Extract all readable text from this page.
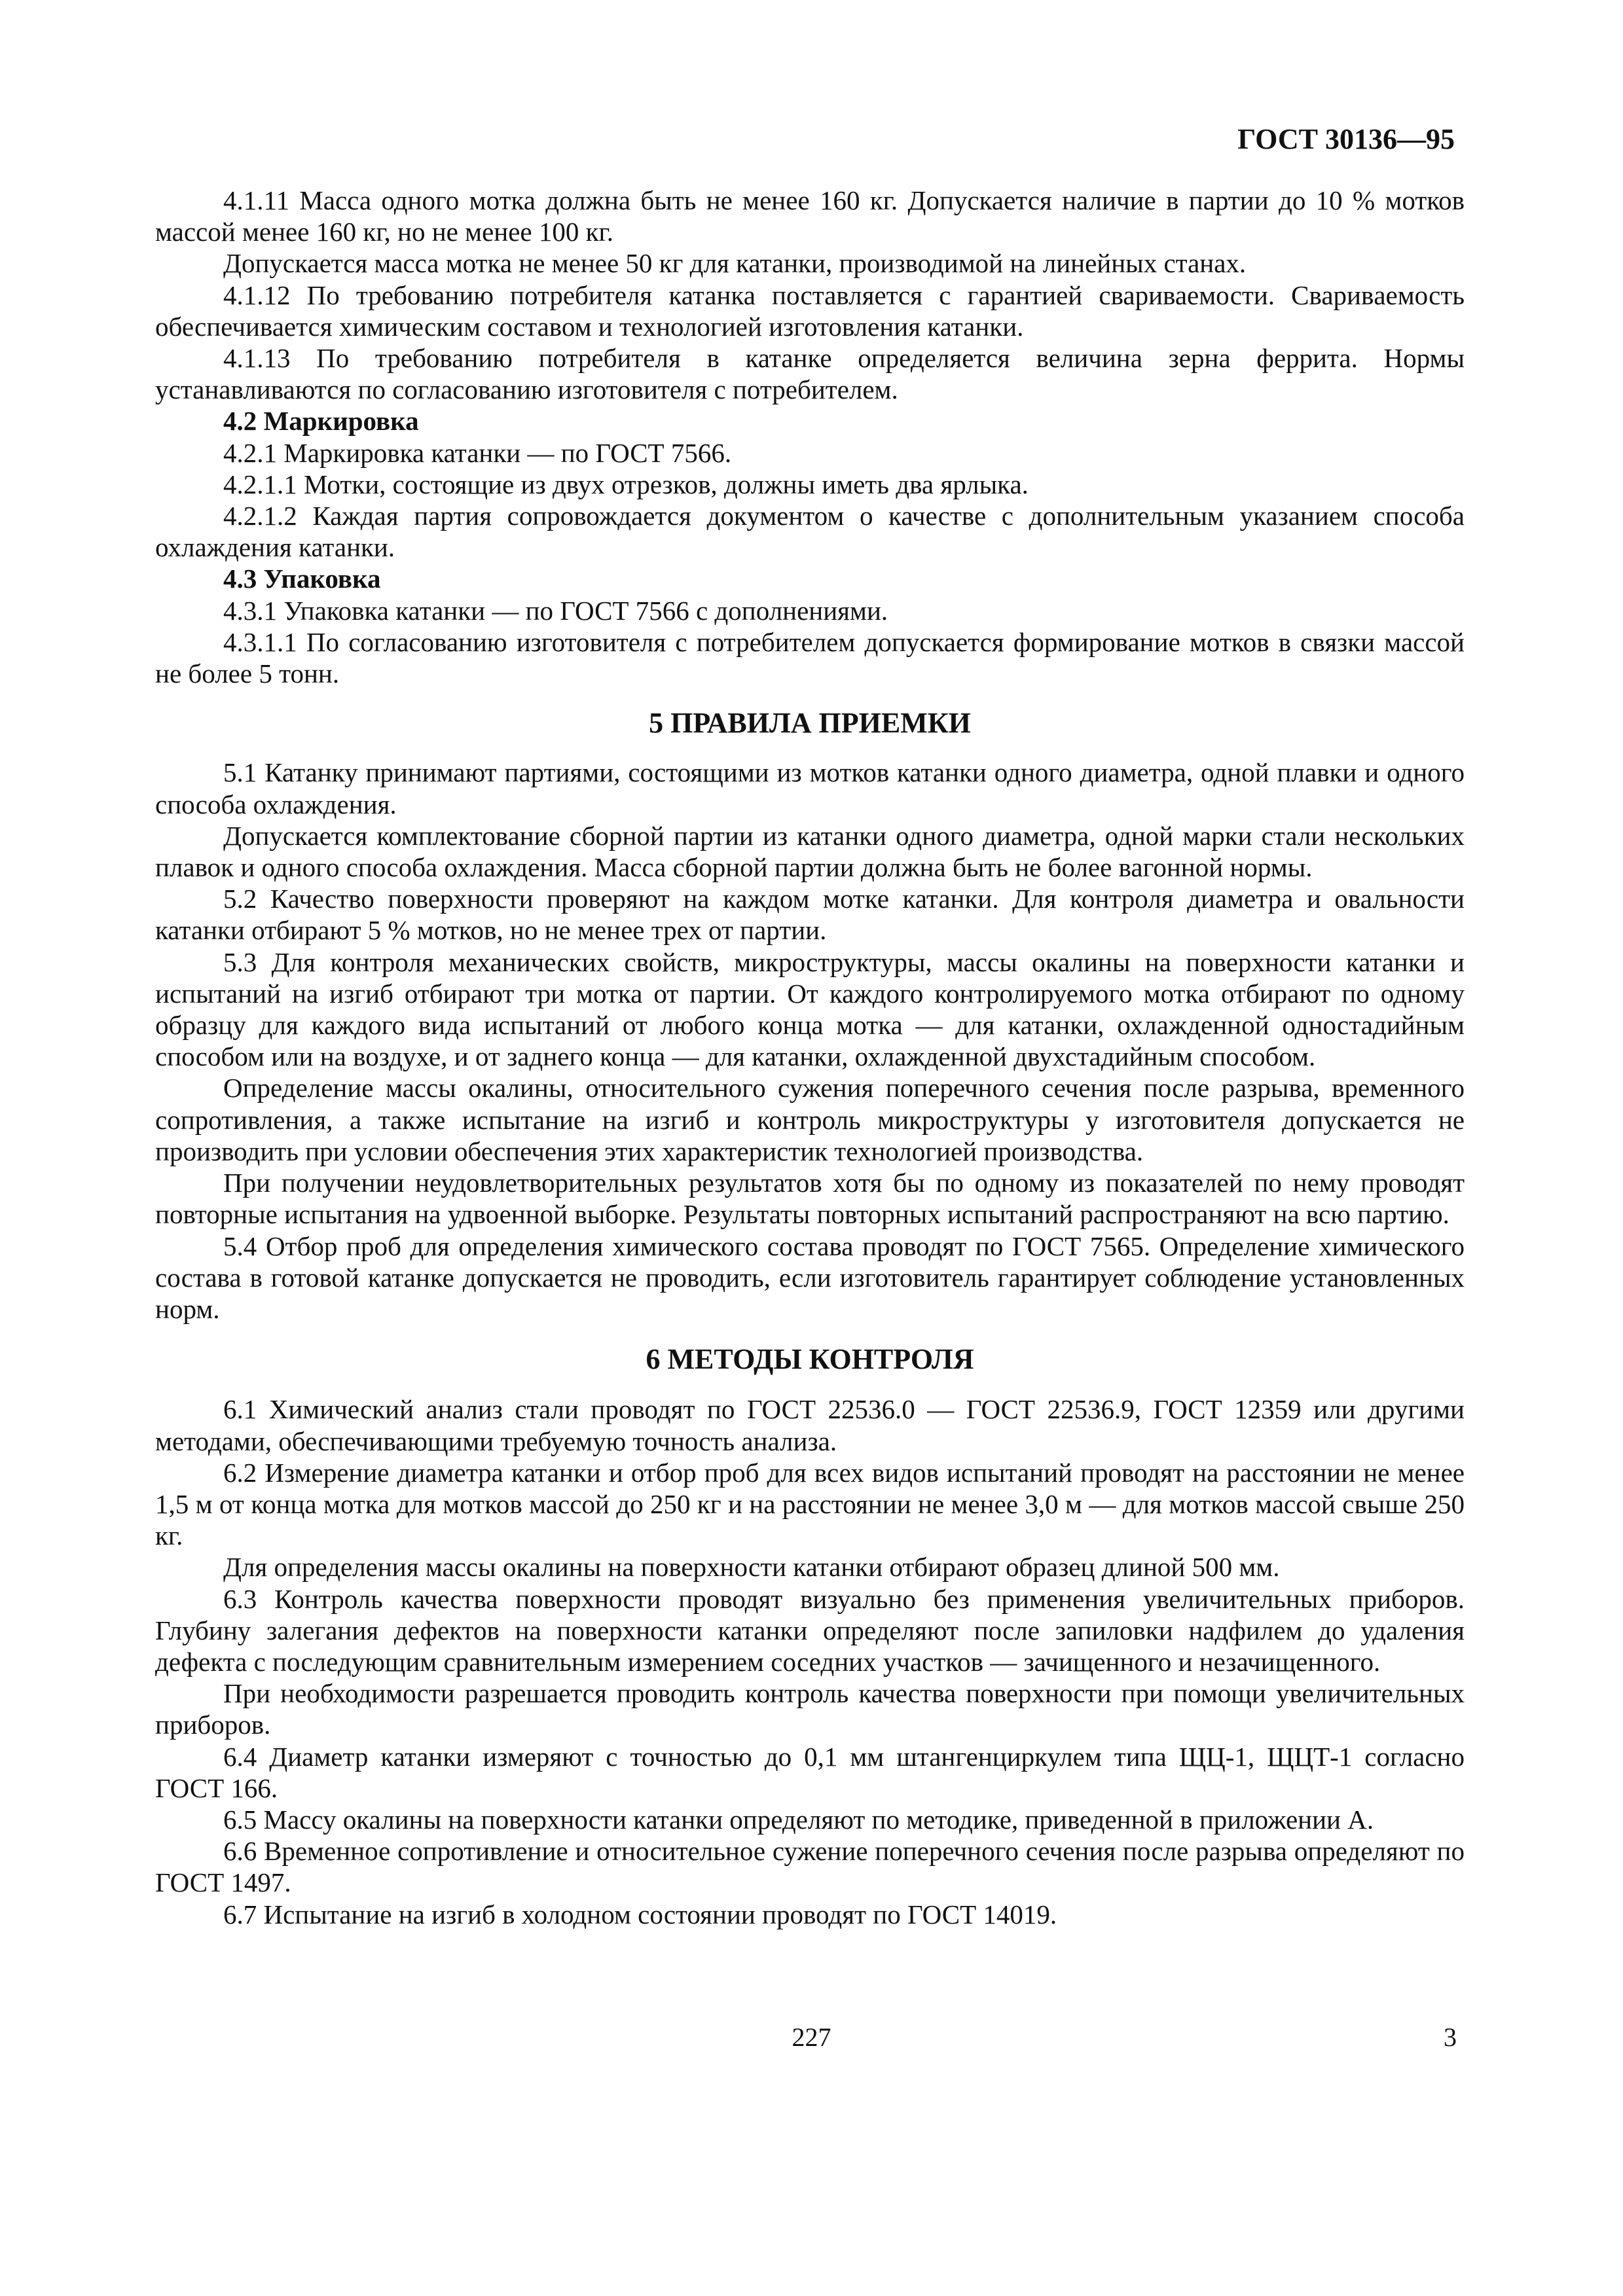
ГОСТ 30136—95

4.1.11 Масса одного мотка должна быть не менее 160 кг. Допускается наличие в партии до 10 % мотков массой менее 160 кг, но не менее 100 кг.

Допускается масса мотка не менее 50 кг для катанки, производимой на линейных станах.

4.1.12 По требованию потребителя катанка поставляется с гарантией свариваемости. Сваривaемость обеспечивается химическим составом и технологией изготовления катанки.

4.1.13 По требованию потребителя в катанке определяется величина зерна феррита. Нормы устанавливаются по согласованию изготовителя с потребителем.

4.2 Маркировка

4.2.1 Маркировка катанки — по ГОСТ 7566.

4.2.1.1 Мотки, состоящие из двух отрезков, должны иметь два ярлыка.

4.2.1.2 Каждая партия сопровождается документом о качестве с дополнительным указанием способа охлаждения катанки.

4.3 Упаковка

4.3.1 Упаковка катанки — по ГОСТ 7566 с дополнениями.

4.3.1.1 По согласованию изготовителя с потребителем допускается формирование мотков в связки массой не более 5 тонн.

5 ПРАВИЛА ПРИЕМКИ

5.1 Катанку принимают партиями, состоящими из мотков катанки одного диаметра, одной плавки и одного способа охлаждения.

Допускается комплектование сборной партии из катанки одного диаметра, одной марки стали нескольких плавок и одного способа охлаждения. Масса сборной партии должна быть не более вагонной нормы.

5.2 Качество поверхности проверяют на каждом мотке катанки. Для контроля диаметра и овальности катанки отбирают 5 % мотков, но не менее трех от партии.

5.3 Для контроля механических свойств, микроструктуры, массы окалины на поверхности катанки и испытаний на изгиб отбирают три мотка от партии. От каждого контролируемого мотка отбирают по одному образцу для каждого вида испытаний от любого конца мотка — для катанки, охлажденной одностадийным способом или на воздухе, и от заднего конца — для катанки, охлажденной двухстадийным способом.

Определение массы окалины, относительного сужения поперечного сечения после разрыва, временного сопротивления, а также испытание на изгиб и контроль микроструктуры у изготовителя допускается не производить при условии обеспечения этих характеристик технологией производства.

При получении неудовлетворительных результатов хотя бы по одному из показателей по нему проводят повторные испытания на удвоенной выборке. Результаты повторных испытаний распространяют на всю партию.

5.4 Отбор проб для определения химического состава проводят по ГОСТ 7565. Определение химического состава в готовой катанке допускается не проводить, если изготовитель гарантирует соблюдение установленных норм.

6 МЕТОДЫ КОНТРОЛЯ

6.1 Химический анализ стали проводят по ГОСТ 22536.0 — ГОСТ 22536.9, ГОСТ 12359 или другими методами, обеспечивающими требуемую точность анализа.

6.2 Измерение диаметра катанки и отбор проб для всех видов испытаний проводят на расстоянии не менее 1,5 м от конца мотка для мотков массой до 250 кг и на расстоянии не менее 3,0 м — для мотков массой свыше 250 кг.

Для определения массы окалины на поверхности катанки отбирают образец длиной 500 мм.

6.3 Контроль качества поверхности проводят визуально без применения увеличительных приборов. Глубину залегания дефектов на поверхности катанки определяют после запиловки надфилем до удаления дефекта с последующим сравнительным измерением соседних участков — зачищенного и незачищенного.

При необходимости разрешается проводить контроль качества поверхности при помощи увеличительных приборов.

6.4 Диаметр катанки измеряют с точностью до 0,1 мм штангенциркулем типа ЩЦ-1, ЩЦТ-1 согласно ГОСТ 166.

6.5 Массу окалины на поверхности катанки определяют по методике, приведенной в приложении А.

6.6 Временное сопротивление и относительное сужение поперечного сечения после разрыва определяют по ГОСТ 1497.

6.7 Испытание на изгиб в холодном состоянии проводят по ГОСТ 14019.

227	3
